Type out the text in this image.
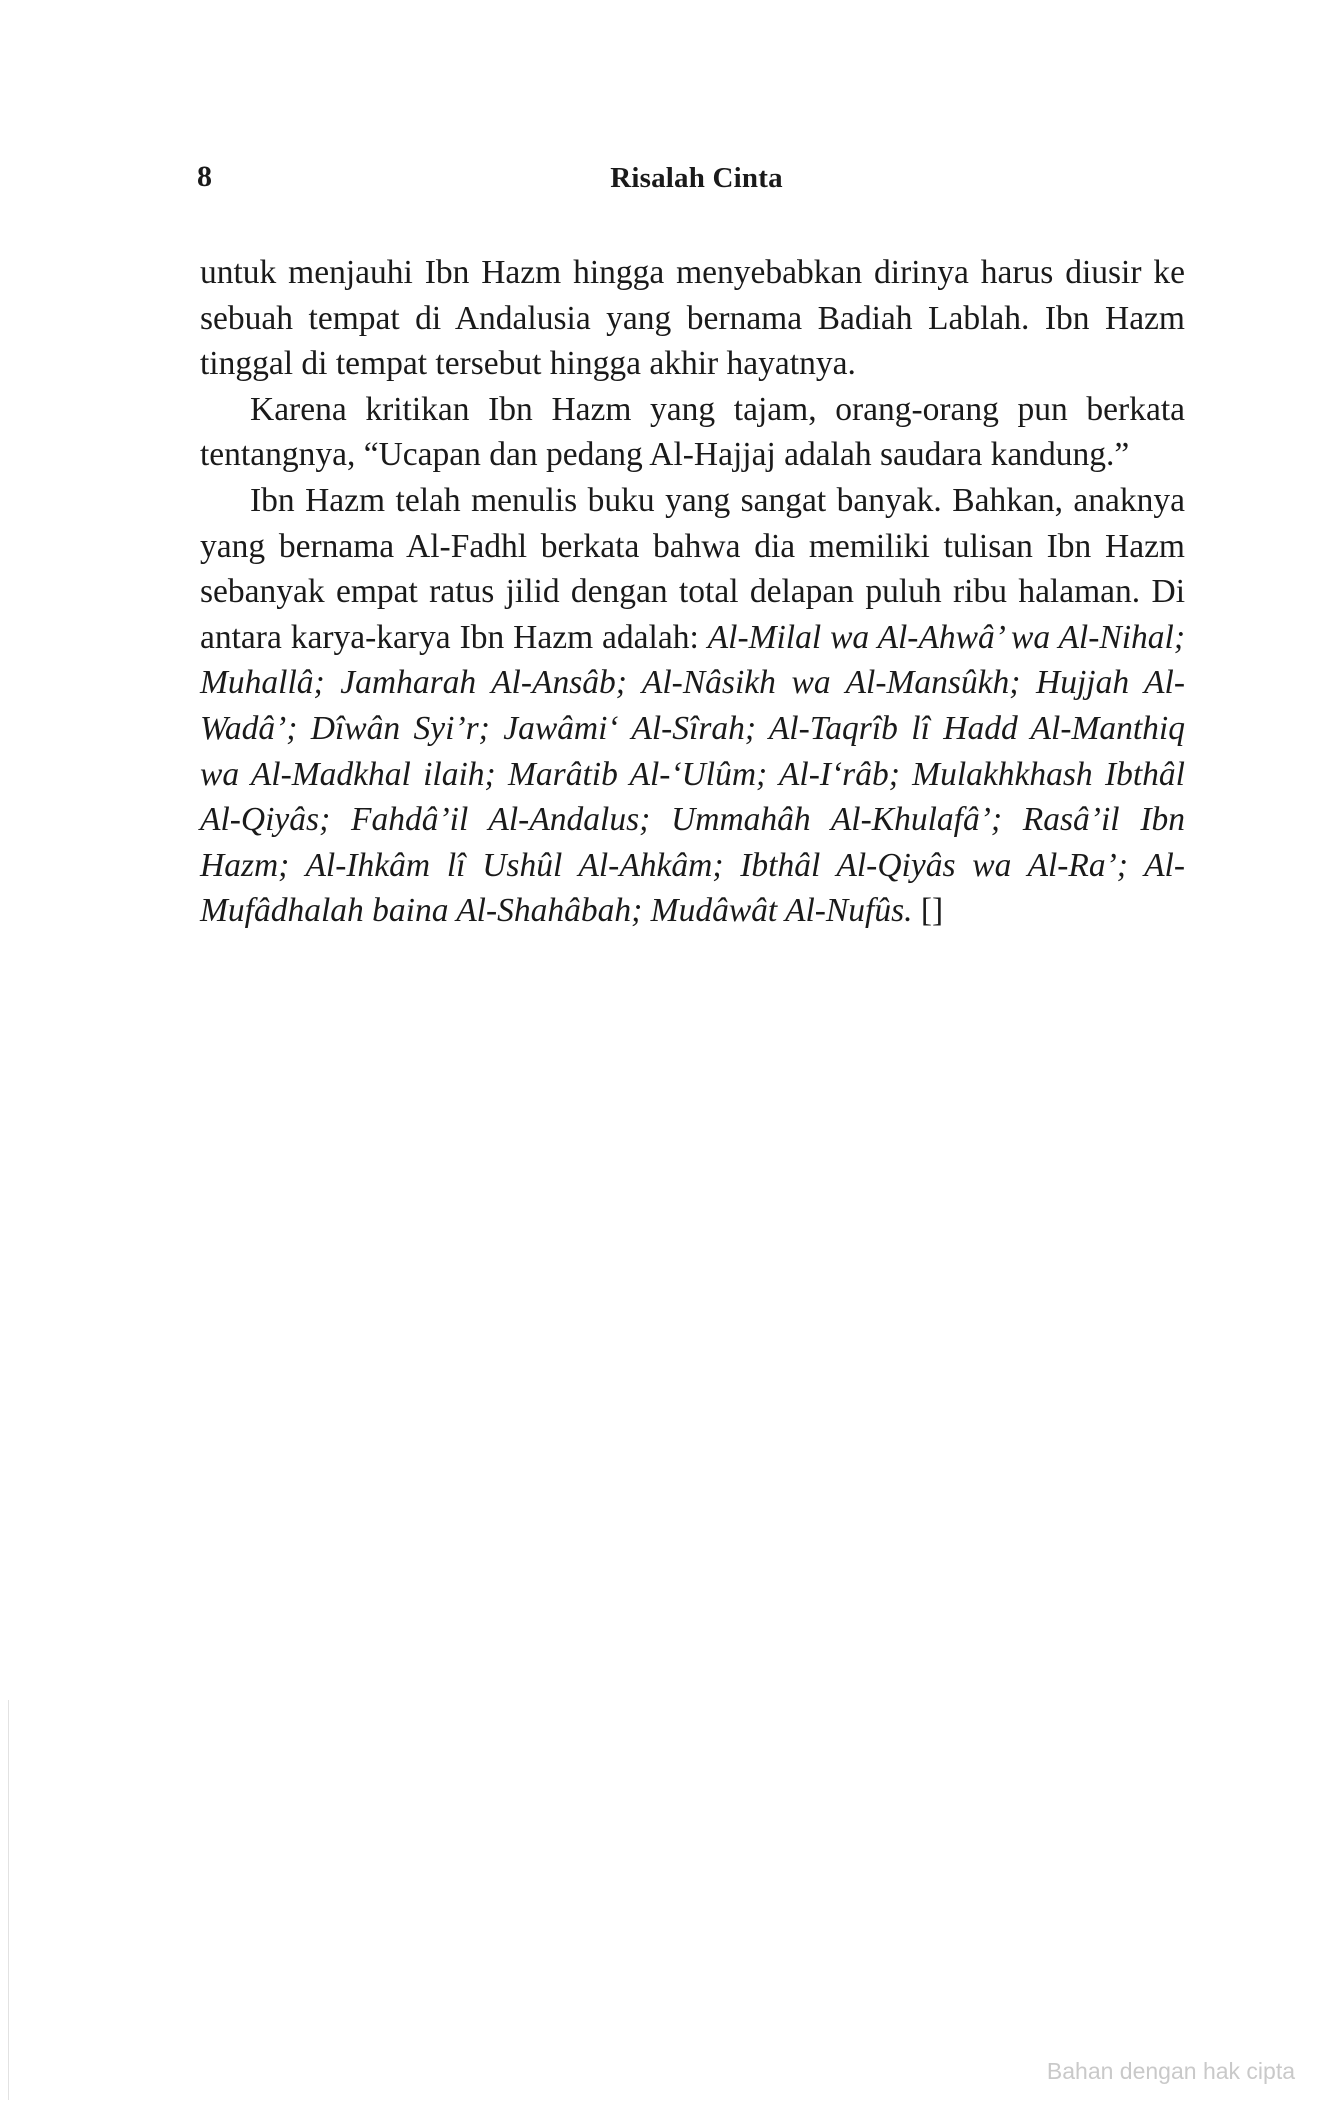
8	Risalah Cinta

untuk menjauhi Ibn Hazm hingga menyebabkan dirinya harus diusir ke sebuah tempat di Andalusia yang bernama Badiah Lablah. Ibn Hazm tinggal di tempat tersebut hingga akhir hayatnya.

Karena kritikan Ibn Hazm yang tajam, orang-orang pun berkata tentangnya, “Ucapan dan pedang Al-Hajjaj adalah saudara kandung.”

Ibn Hazm telah menulis buku yang sangat banyak. Bahkan, anaknya yang bernama Al-Fadhl berkata bahwa dia memiliki tulisan Ibn Hazm sebanyak empat ratus jilid dengan total delapan puluh ribu halaman. Di antara karya-karya Ibn Hazm adalah: Al-Milal wa Al-Ahwâ’ wa Al-Nihal; Muhallâ; Jamharah Al-Ansâb; Al-Nâsikh wa Al-Mansûkh; Hujjah Al-Wadâ’; Dîwân Syi’r; Jawâmi‘ Al-Sîrah; Al-Taqrîb lî Hadd Al-Manthiq wa Al-Madkhal ilaih; Marâtib Al-‘Ulûm; Al-I‘râb; Mulakhkhash Ibthâl Al-Qiyâs; Fahdâ’il Al-Andalus; Ummahâh Al-Khulafâ’; Rasâ’il Ibn Hazm; Al-Ihkâm lî Ushûl Al-Ahkâm; Ibthâl Al-Qiyâs wa Al-Ra’; Al-Mufâdhalah baina Al-Shahâbah; Mudâwât Al-Nufûs. []

Bahan dengan hak cipta
